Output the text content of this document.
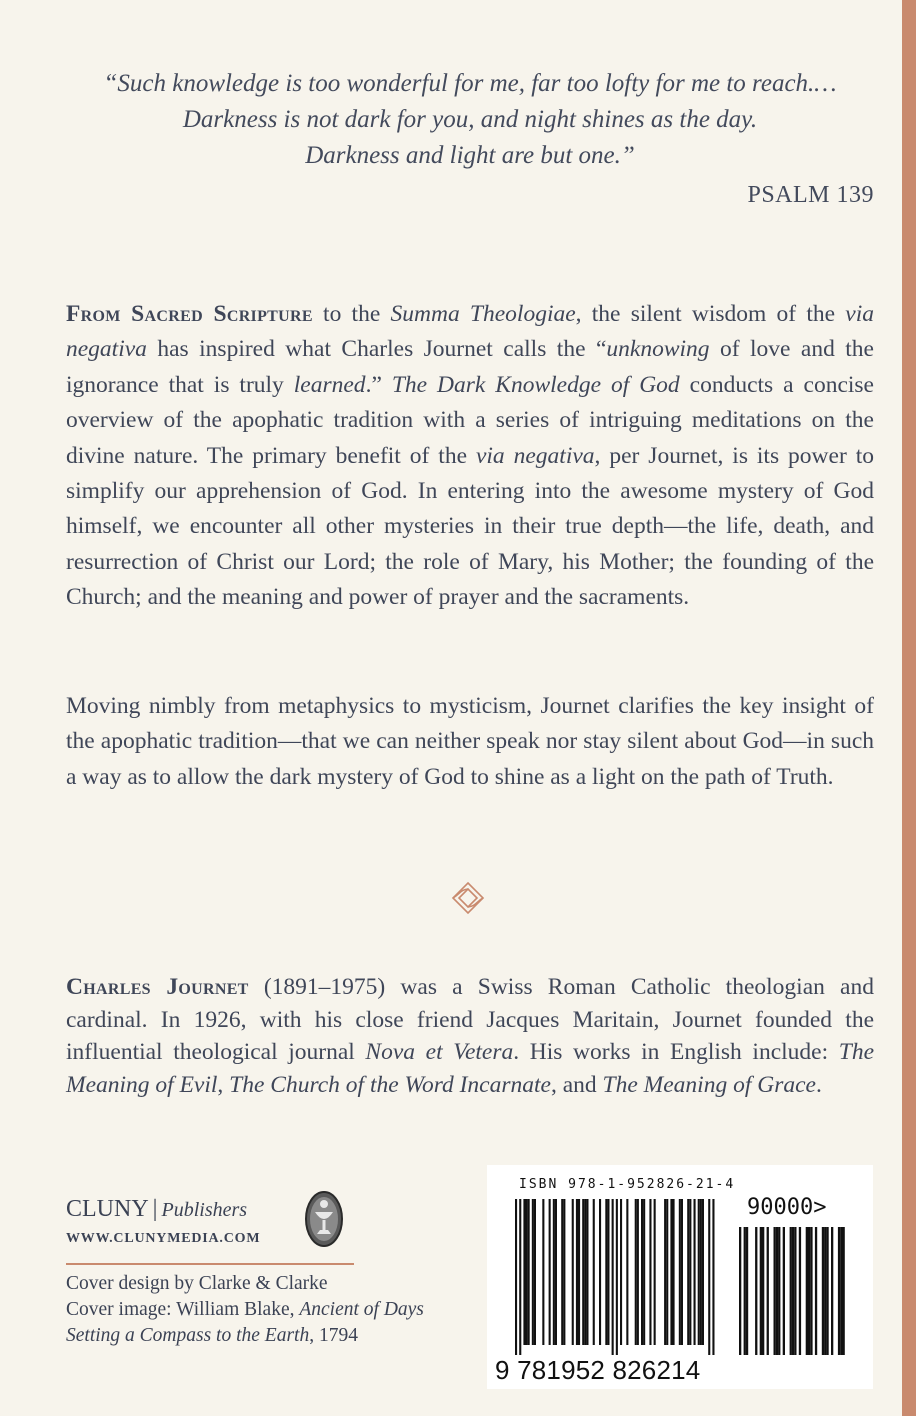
“Such knowledge is too wonderful for me, far too lofty for me to reach.…
Darkness is not dark for you, and night shines as the day.
Darkness and light are but one.”
PSALM 139

From Sacred Scripture to the Summa Theologiae, the silent wisdom of the via negativa has inspired what Charles Journet calls the “unknowing of love and the ignorance that is truly learned.” The Dark Knowledge of God conducts a concise overview of the apophatic tradition with a series of intriguing meditations on the divine nature. The primary benefit of the via negativa, per Journet, is its power to simplify our apprehension of God. In entering into the awesome mystery of God himself, we encounter all other mysteries in their true depth—the life, death, and resurrection of Christ our Lord; the role of Mary, his Mother; the founding of the Church; and the meaning and power of prayer and the sacraments.

Moving nimbly from metaphysics to mysticism, Journet clarifies the key insight of the apophatic tradition—that we can neither speak nor stay silent about God—in such a way as to allow the dark mystery of God to shine as a light on the path of Truth.

Charles Journet (1891–1975) was a Swiss Roman Catholic theologian and cardinal. In 1926, with his close friend Jacques Maritain, Journet founded the influential theological journal Nova et Vetera. His works in English include: The Meaning of Evil, The Church of the Word Incarnate, and The Meaning of Grace.

CLUNY | Publishers
WWW.CLUNYMEDIA.COM
Cover design by Clarke & Clarke
Cover image: William Blake, Ancient of Days Setting a Compass to the Earth, 1794
ISBN 978-1-952826-21-4
90000>
9 781952 826214
